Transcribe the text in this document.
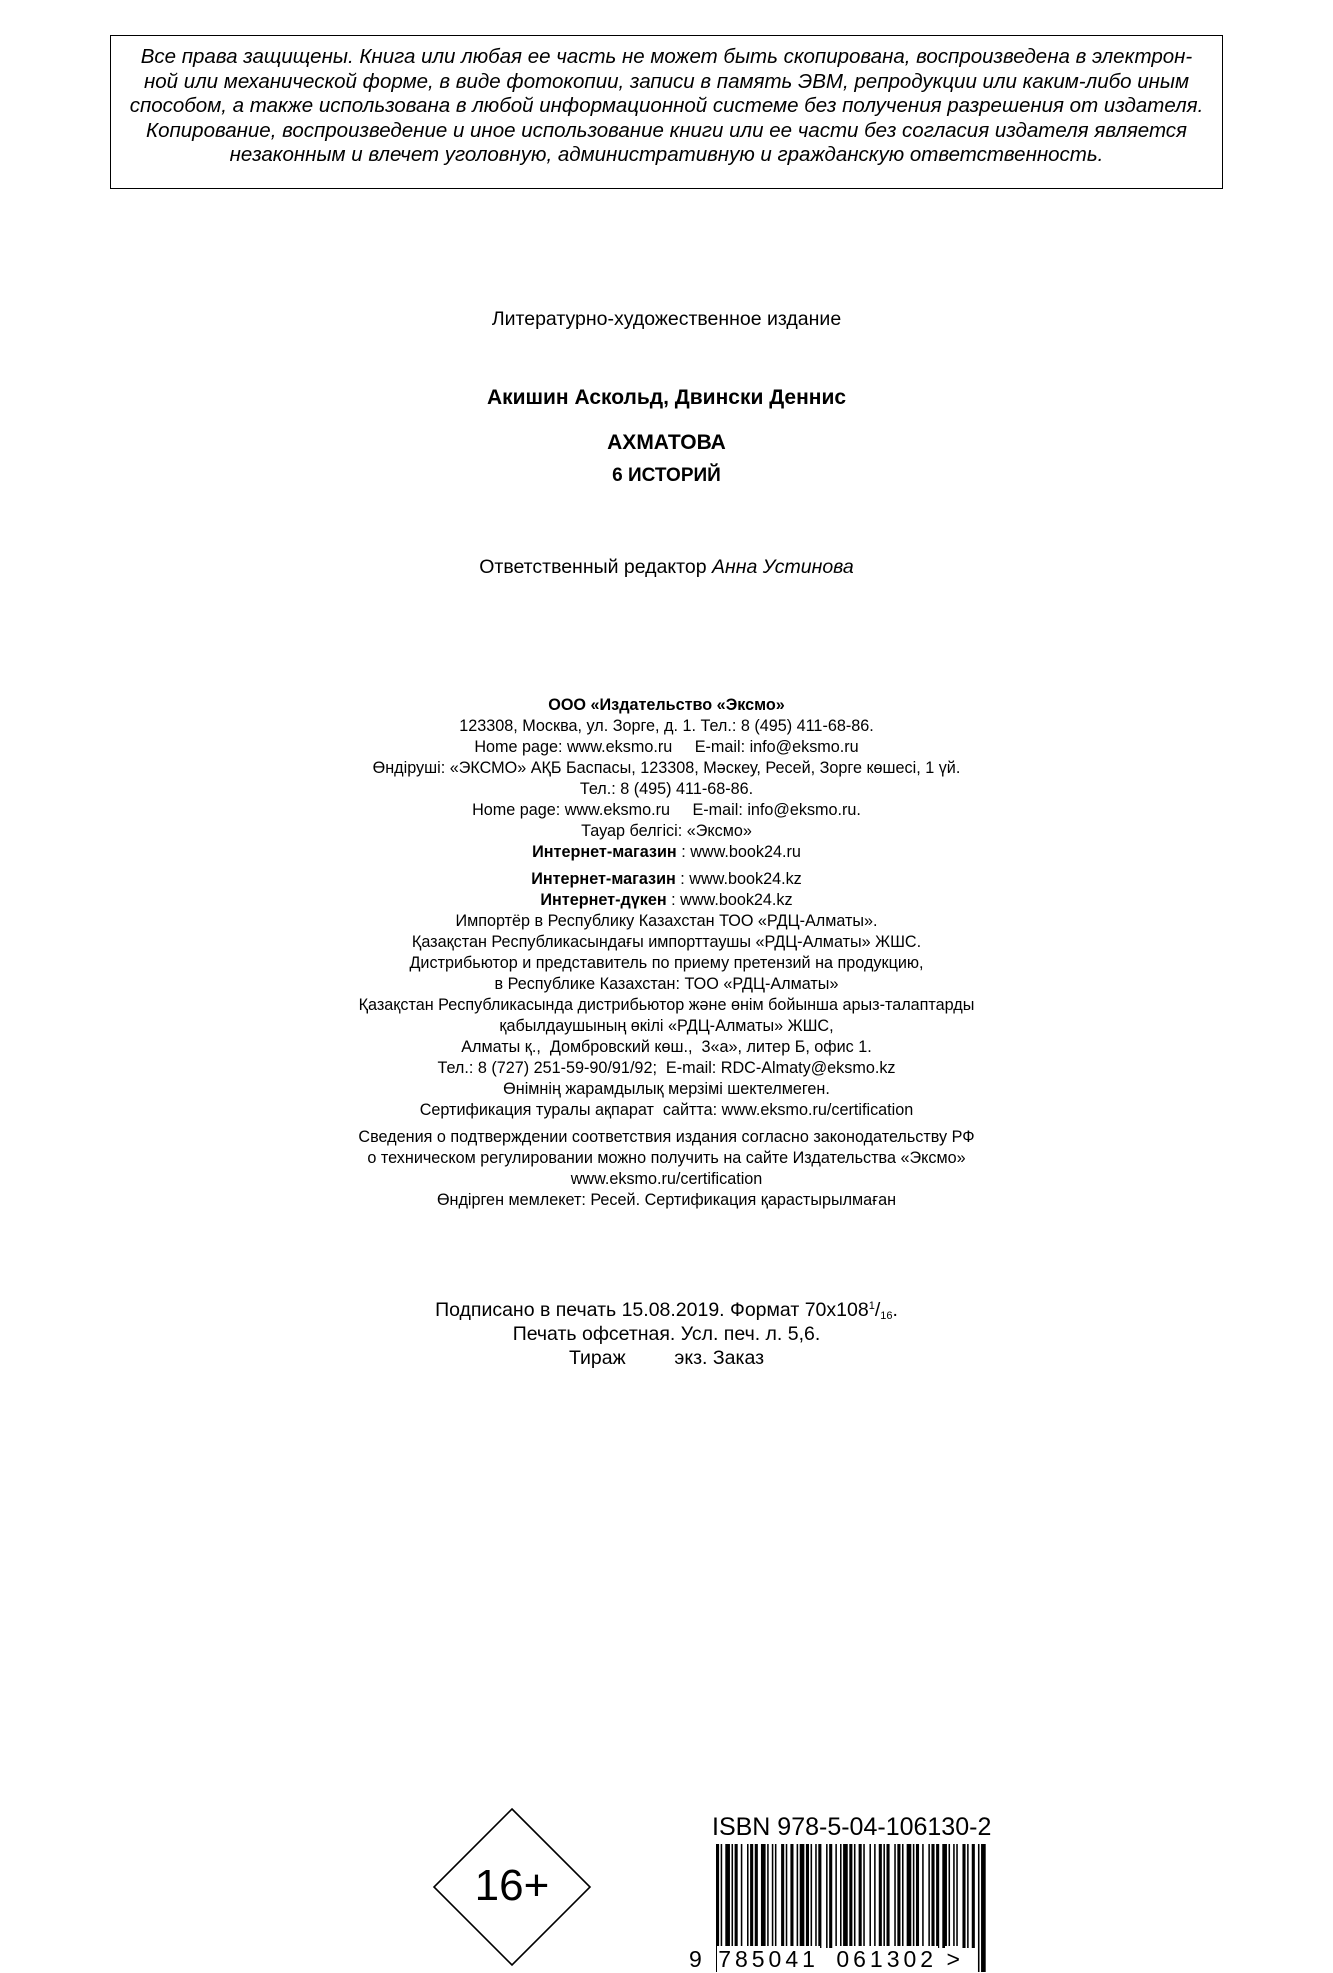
Все права защищены. Книга или любая ее часть не может быть скопирована, воспроизведена в электрон-
ной или механической форме, в виде фотокопии, записи в память ЭВМ, репродукции или каким-либо иным
способом, а также использована в любой информационной системе без получения разрешения от издателя.
Копирование, воспроизведение и иное использование книги или ее части без согласия издателя является
незаконным и влечет уголовную, административную и гражданскую ответственность.
Литературно-художественное издание
Акишин Аскольд, Двински Деннис
АХМАТОВА
6 ИСТОРИЙ
Ответственный редактор Анна Устинова
ООО «Издательство «Эксмо»
123308, Москва, ул. Зорге, д. 1. Тел.: 8 (495) 411-68-86.
Home page: www.eksmo.ru     E-mail: info@eksmo.ru
Өндіруші: «ЭКСМО» АҚБ Баспасы, 123308, Мәскеу, Ресей, Зорге көшесі, 1 үй.
Тел.: 8 (495) 411-68-86.
Home page: www.eksmo.ru     E-mail: info@eksmo.ru.
Тауар белгісі: «Эксмо»
Интернет-магазин : www.book24.ru
Интернет-магазин : www.book24.kz
Интернет-дүкен : www.book24.kz
Импортёр в Республику Казахстан ТОО «РДЦ-Алматы».
Қазақстан Республикасындағы импорттаушы «РДЦ-Алматы» ЖШС.
Дистрибьютор и представитель по приему претензий на продукцию,
в Республике Казахстан: ТОО «РДЦ-Алматы»
Қазақстан Республикасында дистрибьютор және өнім бойынша арыз-талаптарды
қабылдаушының өкілі «РДЦ-Алматы» ЖШС,
Алматы қ.,  Домбровский көш.,  3«а», литер Б, офис 1.
Тел.: 8 (727) 251-59-90/91/92;  E-mail: RDC-Almaty@eksmo.kz
Өнімнің жарамдылық мерзімі шектелмеген.
Сертификация туралы ақпарат  сайтта: www.eksmo.ru/certification
Сведения о подтверждении соответствия издания согласно законодательству РФ
о техническом регулировании можно получить на сайте Издательства «Эксмо»
www.eksmo.ru/certification
Өндірген мемлекет: Ресей. Сертификация қарастырылмаған
Подписано в печать 15.08.2019. Формат $70x108^1/_{16}$.
Печать офсетная. Усл. печ. л. 5,6.
Тираж         экз. Заказ
16+
ISBN 978-5-04-106130-2
9 785041 061302 >
